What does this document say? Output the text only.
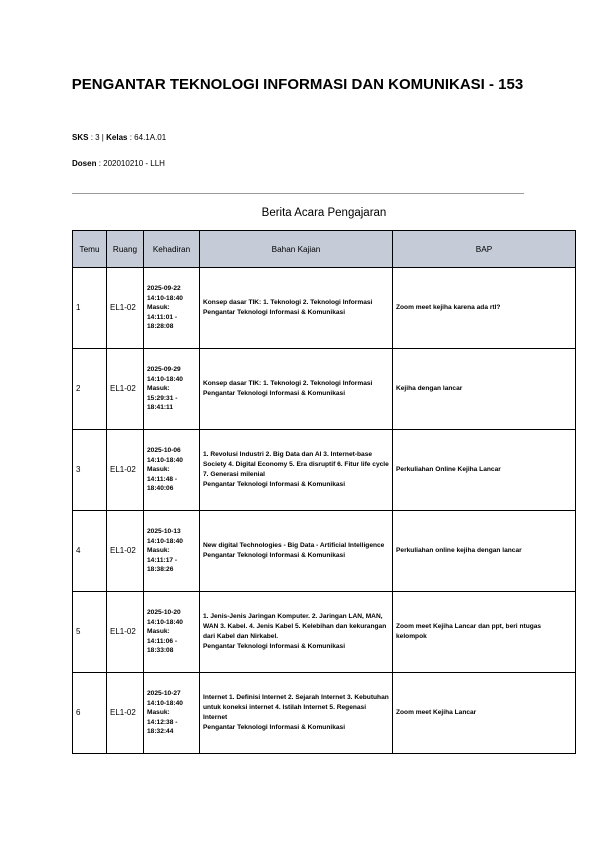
PENGANTAR TEKNOLOGI INFORMASI DAN KOMUNIKASI - 153
SKS : 3 | Kelas : 64.1A.01
Dosen : 202010210 - LLH
Berita Acara Pengajaran
Temu	Ruang	Kehadiran	Bahan Kajian	BAP
1	EL1-02	2025-09-22
14:10-18:40
Masuk:
14:11:01 -
18:28:08	Konsep dasar TIK: 1. Teknologi 2. Teknologi Informasi
Pengantar Teknologi Informasi & Komunikasi	Zoom meet kejiha karena ada rtl?
2	EL1-02	2025-09-29
14:10-18:40
Masuk:
15:29:31 -
18:41:11	Konsep dasar TIK: 1. Teknologi 2. Teknologi Informasi
Pengantar Teknologi Informasi & Komunikasi	Kejiha dengan lancar
3	EL1-02	2025-10-06
14:10-18:40
Masuk:
14:11:48 -
18:40:06	1. Revolusi Industri 2. Big Data dan AI 3. Internet-base Society 4. Digital Economy 5. Era disruptif 6. Fitur life cycle 7. Generasi milenial
Pengantar Teknologi Informasi & Komunikasi	Perkuliahan Online Kejiha Lancar
4	EL1-02	2025-10-13
14:10-18:40
Masuk:
14:11:17 -
18:38:26	New digital Technologies - Big Data - Artificial Intelligence
Pengantar Teknologi Informasi & Komunikasi	Perkuliahan online kejiha dengan lancar
5	EL1-02	2025-10-20
14:10-18:40
Masuk:
14:11:06 -
18:33:08	1. Jenis-Jenis Jaringan Komputer. 2. Jaringan LAN, MAN, WAN 3. Kabel. 4. Jenis Kabel 5. Kelebihan dan kekurangan dari Kabel dan Nirkabel.
Pengantar Teknologi Informasi & Komunikasi	Zoom meet Kejiha Lancar dan ppt, beri ntugas kelompok
6	EL1-02	2025-10-27
14:10-18:40
Masuk:
14:12:38 -
18:32:44	Internet 1. Definisi Internet 2. Sejarah Internet 3. Kebutuhan untuk koneksi internet 4. Istilah Internet 5. Regenasi Internet
Pengantar Teknologi Informasi & Komunikasi	Zoom meet Kejiha Lancar
